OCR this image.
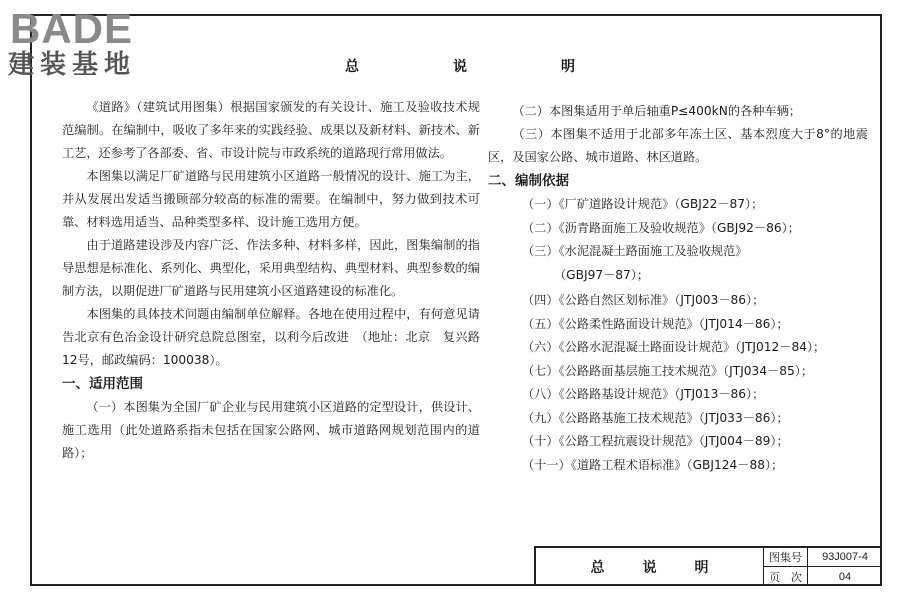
BADE
建装基地	总	说	明

《道路》（建筑试用图集）根据国家颁发的有关设计、施工及验收技术规范编制。在编制中，吸收了多年来的实践经验、成果以及新材料、新技术、新工艺，还参考了各部委、省、市设计院与市政系统的道路现行常用做法。

本图集以满足厂矿道路与民用建筑小区道路一般情况的设计、施工为主，并从发展出发适当搬顾部分较高的标准的需要。在编制中，努力做到技术可靠、材料选用适当、品种类型多样、设计施工选用方便。

由于道路建设涉及内容广泛、作法多种、材料多样，因此，图集编制的指导思想是标准化、系列化、典型化，采用典型结构、典型材料、典型参数的编制方法，以期促进厂矿道路与民用建筑小区道路建设的标准化。

本图集的具体技术问题由编制单位解释。各地在使用过程中，有何意见请告北京有色冶金设计研究总院总图室，以利今后改进　（地址：北京　复兴路12号，邮政编码：100038）。

一、适用范围

（一）本图集为全国厂矿企业与民用建筑小区道路的定型设计，供设计、施工选用（此处道路系指未包括在国家公路网、城市道路网规划范围内的道路）；

（二）本图集适用于单后轴重P≤400kN的各种车辆；

（三）本图集不适用于北部多年冻土区、基本烈度大于8°的地震区，及国家公路、城市道路、林区道路。

二、编制依据

（一）《厂矿道路设计规范》（GBJ22－87）；

（二）《沥青路面施工及验收规范》（GBJ92－86）；

（三）《水泥混凝土路面施工及验收规范》

（GBJ97－87）；

（四）《公路自然区划标准》（JTJ003－86）；

（五）《公路柔性路面设计规范》（JTJ014－86）；

（六）《公路水泥混凝土路面设计规范》（JTJ012－84）；

（七）《公路路面基层施工技术规范》（JTJ034－85）；

（八）《公路路基设计规范》（JTJ013－86）；

（九）《公路路基施工技术规范》（JTJ033－86）；

（十）《公路工程抗震设计规范》（JTJ004－89）；

（十一）《道路工程术语标准》（GBJ124－88）；

总	说	明
图集号	93J007-4
页　次	04
